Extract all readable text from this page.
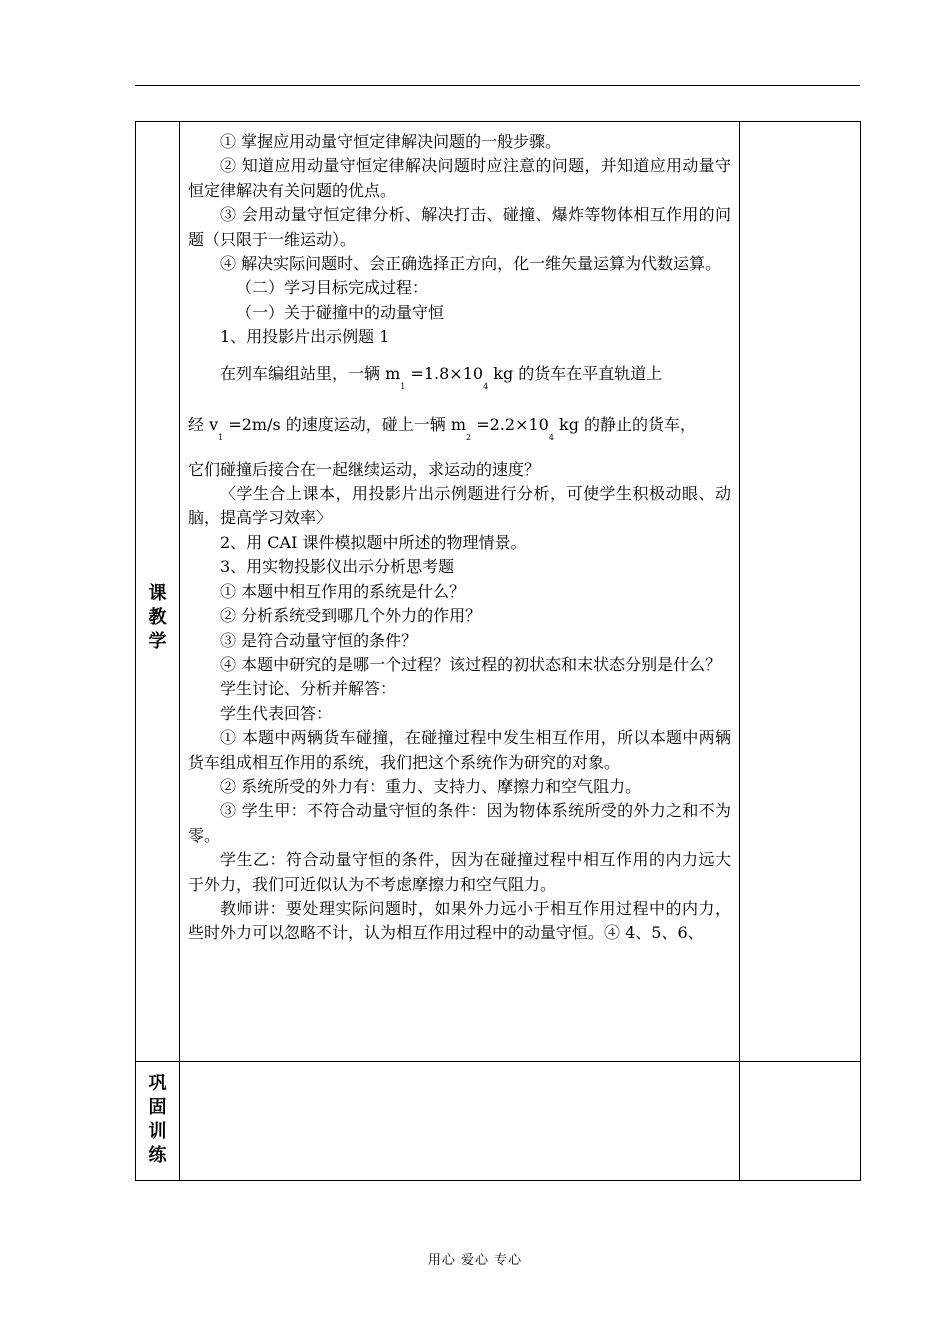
课
教
学
巩
固
训
练

① 掌握应用动量守恒定律解决问题的一般步骤。

② 知道应用动量守恒定律解决问题时应注意的问题，并知道应用动量守恒定律解决有关问题的优点。

③ 会用动量守恒定律分析、解决打击、碰撞、爆炸等物体相互作用的问题（只限于一维运动）。

④ 解决实际问题时、会正确选择正方向，化一维矢量运算为代数运算。

（二）学习目标完成过程：

（一）关于碰撞中的动量守恒

1、用投影片出示例题 1

在列车编组站里，一辆 $m_1 =1.8\times 10_4$ kg 的货车在平直轨道上

经 $v_1 =2m/s$ 的速度运动，碰上一辆 $m_2 =2.2\times 10_4$ kg 的静止的货车，

它们碰撞后接合在一起继续运动，求运动的速度？

〈学生合上课本，用投影片出示例题进行分析，可使学生积极动眼、动脑，提高学习效率〉

2、用 CAI 课件模拟题中所述的物理情景。

3、用实物投影仪出示分析思考题

① 本题中相互作用的系统是什么？

② 分析系统受到哪几个外力的作用？

③ 是符合动量守恒的条件？

④ 本题中研究的是哪一个过程？该过程的初状态和末状态分别是什么？

学生讨论、分析并解答：

学生代表回答：

① 本题中两辆货车碰撞，在碰撞过程中发生相互作用，所以本题中两辆货车组成相互作用的系统，我们把这个系统作为研究的对象。

② 系统所受的外力有：重力、支持力、摩擦力和空气阻力。

③ 学生甲：不符合动量守恒的条件：因为物体系统所受的外力之和不为零。

学生乙：符合动量守恒的条件，因为在碰撞过程中相互作用的内力远大于外力，我们可近似认为不考虑摩擦力和空气阻力。

教师讲：要处理实际问题时，如果外力远小于相互作用过程中的内力，些时外力可以忽略不计，认为相互作用过程中的动量守恒。④ 4、5、6、

用心 爱心 专心
